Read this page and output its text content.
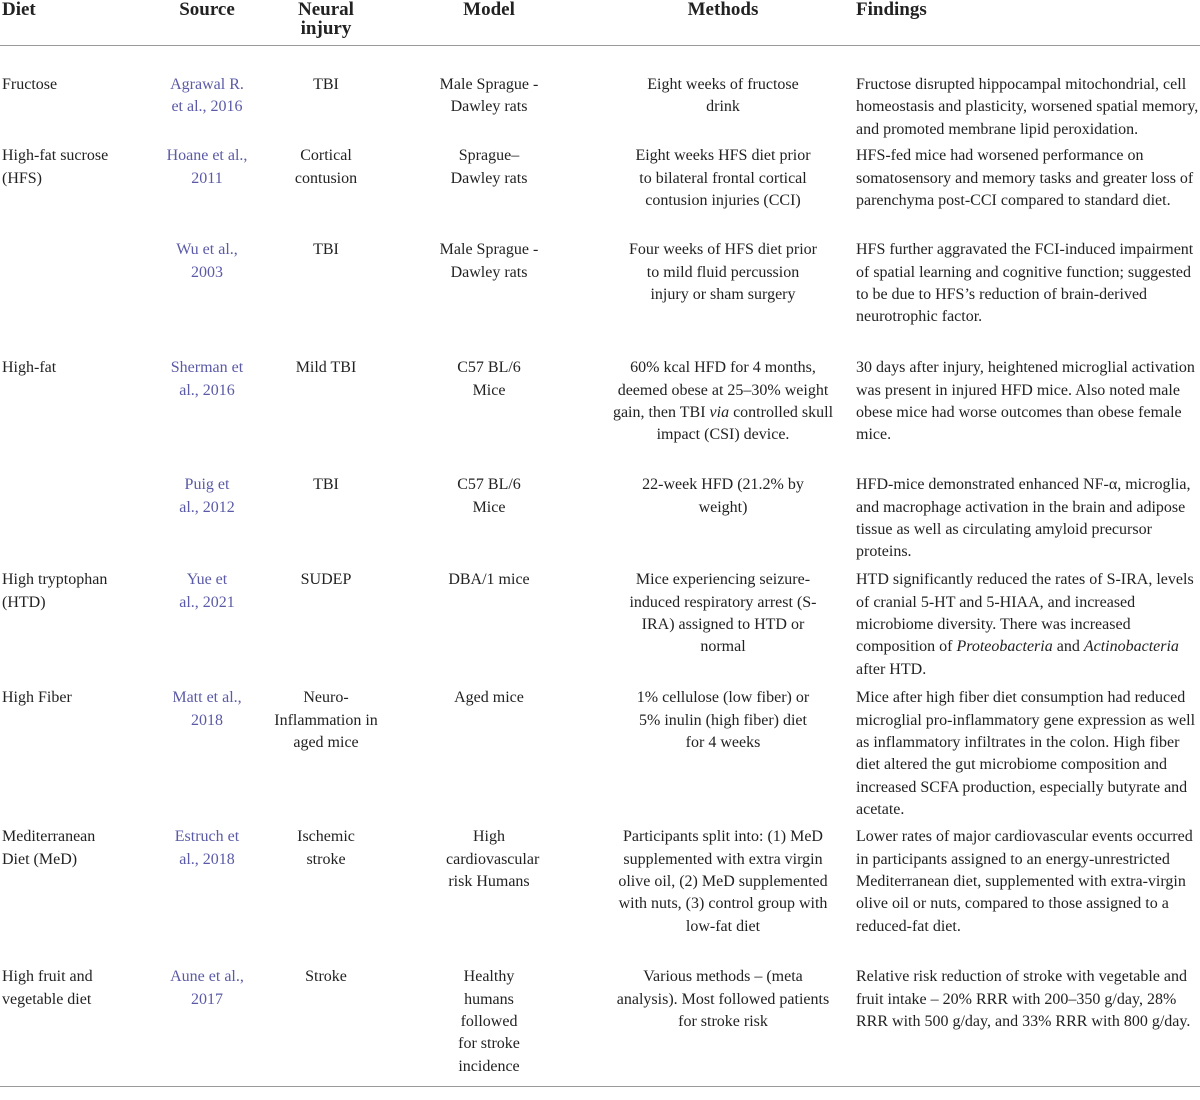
Diet	Source	Neural injury	Model	Methods	Findings
Fructose	Agrawal R. et al., 2016	TBI	Male Sprague -Dawley rats	Eight weeks of fructose drink	Fructose disrupted hippocampal mitochondrial, cell homeostasis and plasticity, worsened spatial memory, and promoted membrane lipid peroxidation.
High-fat sucrose (HFS)	Hoane et al., 2011	Cortical contusion	Sprague–Dawley rats	Eight weeks HFS diet prior to bilateral frontal cortical contusion injuries (CCI)	HFS-fed mice had worsened performance on somatosensory and memory tasks and greater loss of parenchyma post-CCI compared to standard diet.
	Wu et al., 2003	TBI	Male Sprague -Dawley rats	Four weeks of HFS diet prior to mild fluid percussion injury or sham surgery	HFS further aggravated the FCI-induced impairment of spatial learning and cognitive function; suggested to be due to HFS’s reduction of brain-derived neurotrophic factor.
High-fat	Sherman et al., 2016	Mild TBI	C57 BL/6 Mice	60% kcal HFD for 4 months, deemed obese at 25–30% weight gain, then TBI via controlled skull impact (CSI) device.	30 days after injury, heightened microglial activation was present in injured HFD mice. Also noted male obese mice had worse outcomes than obese female mice.
	Puig et al., 2012	TBI	C57 BL/6 Mice	22-week HFD (21.2% by weight)	HFD-mice demonstrated enhanced NF-α, microglia, and macrophage activation in the brain and adipose tissue as well as circulating amyloid precursor proteins.
High tryptophan (HTD)	Yue et al., 2021	SUDEP	DBA/1 mice	Mice experiencing seizure-induced respiratory arrest (S-IRA) assigned to HTD or normal	HTD significantly reduced the rates of S-IRA, levels of cranial 5-HT and 5-HIAA, and increased microbiome diversity. There was increased composition of Proteobacteria and Actinobacteria after HTD.
High Fiber	Matt et al., 2018	Neuro-Inflammation in aged mice	Aged mice	1% cellulose (low fiber) or 5% inulin (high fiber) diet for 4 weeks	Mice after high fiber diet consumption had reduced microglial pro-inflammatory gene expression as well as inflammatory infiltrates in the colon. High fiber diet altered the gut microbiome composition and increased SCFA production, especially butyrate and acetate.
Mediterranean Diet (MeD)	Estruch et al., 2018	Ischemic stroke	High cardiovascular risk Humans	Participants split into: (1) MeD supplemented with extra virgin olive oil, (2) MeD supplemented with nuts, (3) control group with low-fat diet	Lower rates of major cardiovascular events occurred in participants assigned to an energy-unrestricted Mediterranean diet, supplemented with extra-virgin olive oil or nuts, compared to those assigned to a reduced-fat diet.
High fruit and vegetable diet	Aune et al., 2017	Stroke	Healthy humans followed for stroke incidence	Various methods – (meta analysis). Most followed patients for stroke risk	Relative risk reduction of stroke with vegetable and fruit intake – 20% RRR with 200–350 g/day, 28% RRR with 500 g/day, and 33% RRR with 800 g/day.
